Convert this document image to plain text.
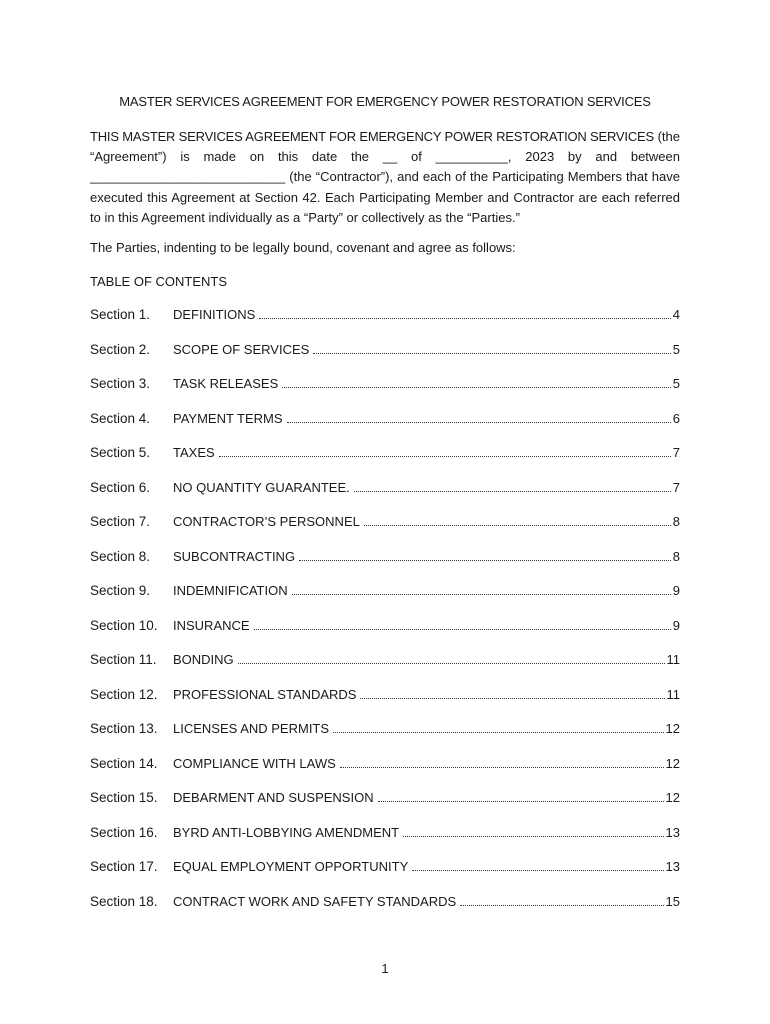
MASTER SERVICES AGREEMENT FOR EMERGENCY POWER RESTORATION SERVICES
THIS MASTER SERVICES AGREEMENT FOR EMERGENCY POWER RESTORATION SERVICES (the “Agreement”) is made on this date the __ of __________, 2023 by and between ___________________________ (the “Contractor”), and each of the Participating Members that have executed this Agreement at Section 42. Each Participating Member and Contractor are each referred to in this Agreement individually as a “Party” or collectively as the “Parties.”
The Parties, indenting to be legally bound, covenant and agree as follows:
TABLE OF CONTENTS
Section 1.	DEFINITIONS	4
Section 2.	SCOPE OF SERVICES	5
Section 3.	TASK RELEASES	5
Section 4.	PAYMENT TERMS	6
Section 5.	TAXES	7
Section 6.	NO QUANTITY GUARANTEE.	7
Section 7.	CONTRACTOR’S PERSONNEL	8
Section 8.	SUBCONTRACTING	8
Section 9.	INDEMNIFICATION	9
Section 10.	INSURANCE	9
Section 11.	BONDING	11
Section 12.	PROFESSIONAL STANDARDS	11
Section 13.	LICENSES AND PERMITS	12
Section 14.	COMPLIANCE WITH LAWS	12
Section 15.	DEBARMENT AND SUSPENSION	12
Section 16.	BYRD ANTI-LOBBYING AMENDMENT	13
Section 17.	EQUAL EMPLOYMENT OPPORTUNITY	13
Section 18.	CONTRACT WORK AND SAFETY STANDARDS	15
1
